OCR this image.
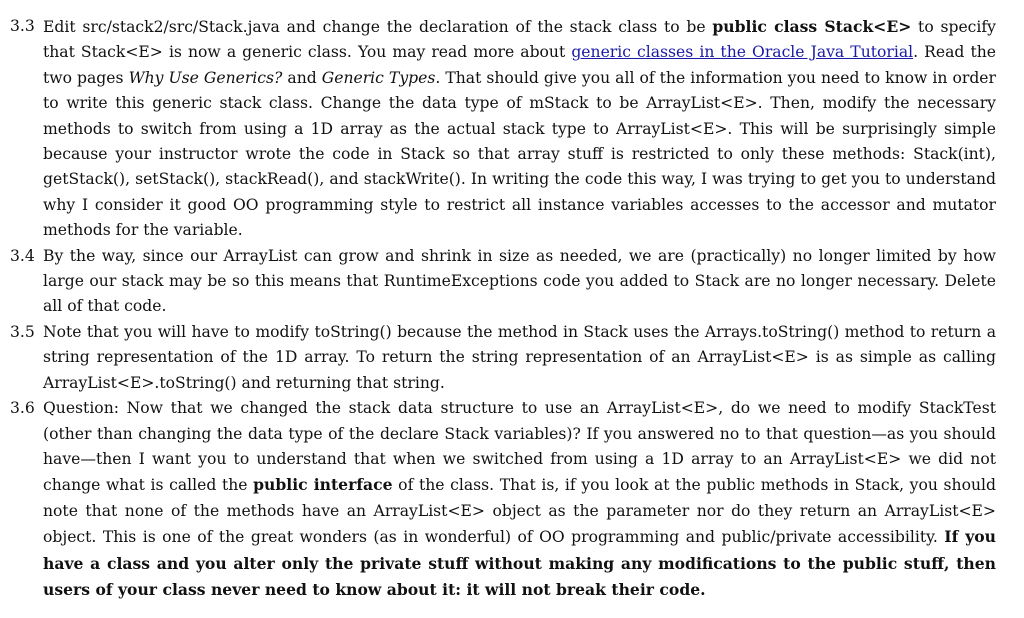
3.3 Edit src/stack2/src/Stack.java and change the declaration of the stack class to be public class Stack<E> to specify that Stack<E> is now a generic class. You may read more about generic classes in the Oracle Java Tutorial. Read the two pages Why Use Generics? and Generic Types. That should give you all of the information you need to know in order to write this generic stack class. Change the data type of mStack to be ArrayList<E>. Then, modify the necessary methods to switch from using a 1D array as the actual stack type to ArrayList<E>. This will be surprisingly simple because your instructor wrote the code in Stack so that array stuff is restricted to only these methods: Stack(int), getStack(), setStack(), stackRead(), and stackWrite(). In writing the code this way, I was trying to get you to understand why I consider it good OO programming style to restrict all instance variables accesses to the accessor and mutator methods for the variable.
3.4 By the way, since our ArrayList can grow and shrink in size as needed, we are (practically) no longer limited by how large our stack may be so this means that RuntimeExceptions code you added to Stack are no longer necessary. Delete all of that code.
3.5 Note that you will have to modify toString() because the method in Stack uses the Arrays.toString() method to return a string representation of the 1D array. To return the string representation of an ArrayList<E> is as simple as calling ArrayList<E>.toString() and returning that string.
3.6 Question: Now that we changed the stack data structure to use an ArrayList<E>, do we need to modify StackTest (other than changing the data type of the declare Stack variables)? If you answered no to that question—as you should have—then I want you to understand that when we switched from using a 1D array to an ArrayList<E> we did not change what is called the public interface of the class. That is, if you look at the public methods in Stack, you should note that none of the methods have an ArrayList<E> object as the parameter nor do they return an ArrayList<E> object. This is one of the great wonders (as in wonderful) of OO programming and public/private accessibility. If you have a class and you alter only the private stuff without making any modifications to the public stuff, then users of your class never need to know about it: it will not break their code.
